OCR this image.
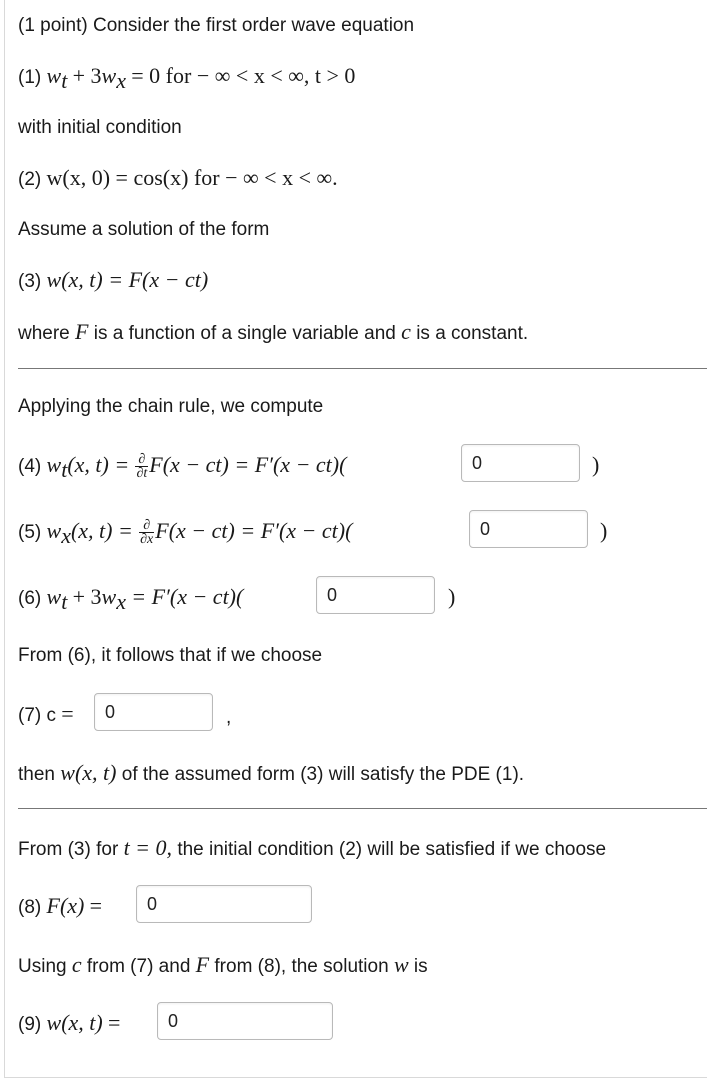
(1 point) Consider the first order wave equation
(1) $w_t + 3w_x = 0$ for − ∞ < x < ∞, t > 0
with initial condition
(2) w(x, 0) = cos(x) for − ∞ < x < ∞.
Assume a solution of the form
(3) w(x, t) = F(x − ct)
where F is a function of a single variable and c is a constant.
Applying the chain rule, we compute
(4) $w_t(x$, $t) = \frac{\partial}{\partial t} F(x - ct) = F'(x - ct)$(
0	)
(5) $w_x(x$, $t) = \frac{\partial}{\partial x} F(x - ct) = F'(x - ct)$(
0	)
(6) $w_t + 3w_x = F'(x - ct)$(
0	)
From (6), it follows that if we choose
(7) c =
0	,
then w(x, t) of the assumed form (3) will satisfy the PDE (1).
From (3) for t = 0, the initial condition (2) will be satisfied if we choose
(8) F(x) =
0
Using c from (7) and F from (8), the solution w is
(9) w(x, t) =
0
